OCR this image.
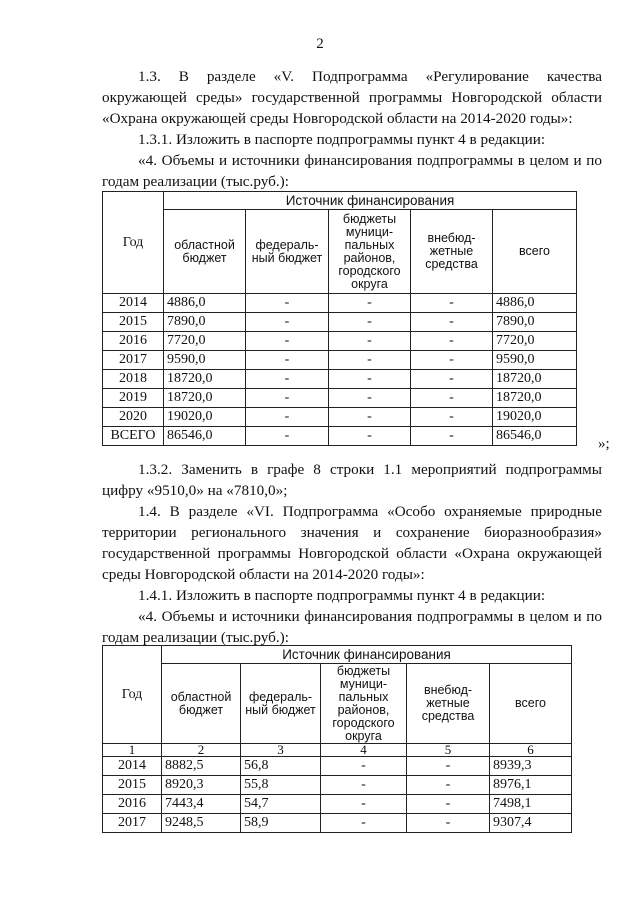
2
1.3. В разделе «V. Подпрограмма «Регулирование качества окружающей среды» государственной программы Новгородской области «Охрана окружающей среды Новгородской области на 2014-2020 годы»:
1.3.1. Изложить в паспорте подпрограммы пункт 4 в редакции:
«4. Объемы и источники финансирования подпрограммы в целом и по годам реализации (тыс.руб.):
Год	Источник финансирования				
	областной бюджет	федераль- ный бюджет	бюджеты муници- пальных районов, городского округа	внебюд- жетные средства	всего
2014	4886,0	-	-	-	4886,0
2015	7890,0	-	-	-	7890,0
2016	7720,0	-	-	-	7720,0
2017	9590,0	-	-	-	9590,0
2018	18720,0	-	-	-	18720,0
2019	18720,0	-	-	-	18720,0
2020	19020,0	-	-	-	19020,0
ВСЕГО	86546,0	-	-	-	86546,0
»;
1.3.2. Заменить в графе 8 строки 1.1 мероприятий подпрограммы цифру «9510,0» на «7810,0»;
1.4. В разделе «VI. Подпрограмма «Особо охраняемые природные территории регионального значения и сохранение биоразнообразия» государственной программы Новгородской области «Охрана окружающей среды Новгородской области на 2014-2020 годы»:
1.4.1. Изложить в паспорте подпрограммы пункт 4 в редакции:
«4. Объемы и источники финансирования подпрограммы в целом и по годам реализации (тыс.руб.):
Год	Источник финансирования				
	областной бюджет	федераль- ный бюджет	бюджеты муници- пальных районов, городского округа	внебюд- жетные средства	всего
1	2	3	4	5	6
2014	8882,5	56,8	-	-	8939,3
2015	8920,3	55,8	-	-	8976,1
2016	7443,4	54,7	-	-	7498,1
2017	9248,5	58,9	-	-	9307,4
